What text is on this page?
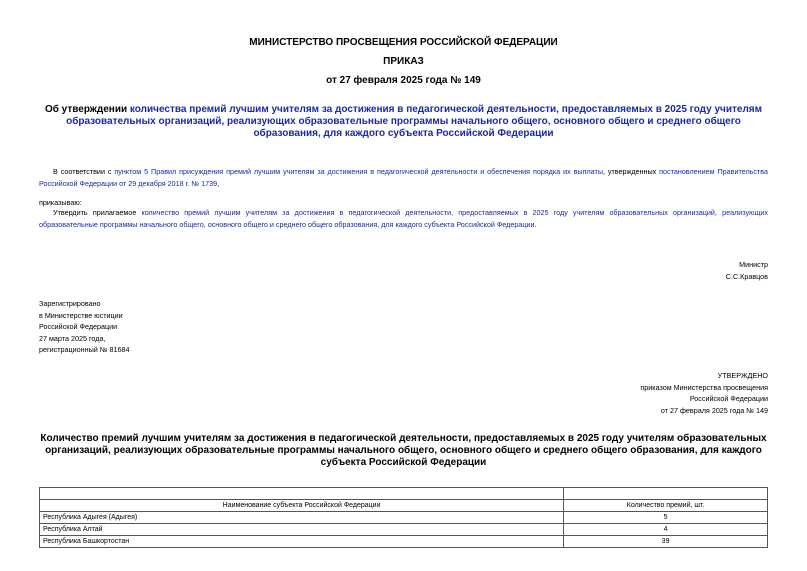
МИНИСТЕРСТВО ПРОСВЕЩЕНИЯ РОССИЙСКОЙ ФЕДЕРАЦИИ
ПРИКАЗ
от 27 февраля 2025 года № 149
Об утверждении количества премий лучшим учителям за достижения в педагогической деятельности, предоставляемых в 2025 году учителям образовательных организаций, реализующих образовательные программы начального общего, основного общего и среднего общего образования, для каждого субъекта Российской Федерации
В соответствии с пунктом 5 Правил присуждения премий лучшим учителям за достижения в педагогической деятельности и обеспечения порядка их выплаты, утвержденных постановлением Правительства Российской Федерации от 29 декабря 2018 г. № 1739,
приказываю:
Утвердить прилагаемое количество премий лучшим учителям за достижения в педагогической деятельности, предоставляемых в 2025 году учителям образовательных организаций, реализующих образовательные программы начального общего, основного общего и среднего общего образования, для каждого субъекта Российской Федерации.
Министр
С.С.Кравцов
Зарегистрировано
в Министерстве юстиции
Российской Федерации
27 марта 2025 года,
регистрационный № 81684
УТВЕРЖДЕНО
приказом Министерства просвещения
Российской Федерации
от 27 февраля 2025 года № 149
Количество премий лучшим учителям за достижения в педагогической деятельности, предоставляемых в 2025 году учителям образовательных организаций, реализующих образовательные программы начального общего, основного общего и среднего общего образования, для каждого субъекта Российской Федерации

Наименование субъекта Российской Федерации	Количество премий, шт.
Республика Адыгея (Адыгея)	5
Республика Алтай	4
Республика Башкортостан	39
